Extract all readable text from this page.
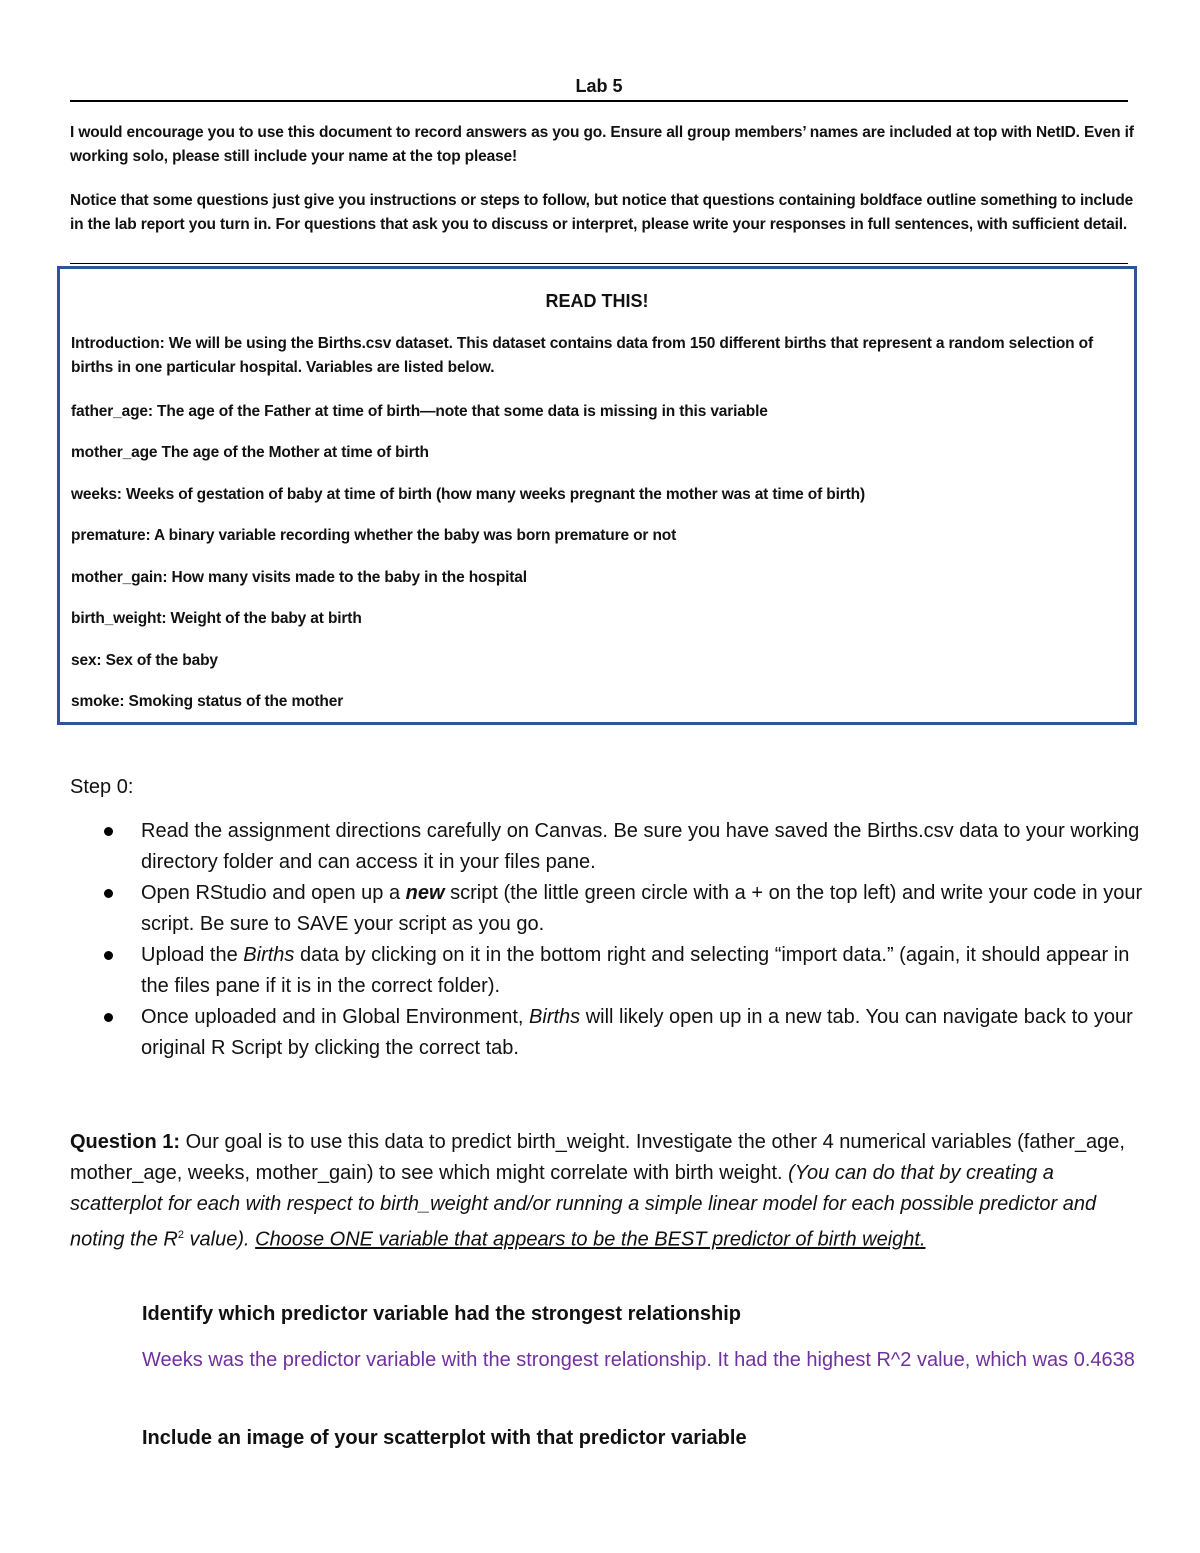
Lab 5
I would encourage you to use this document to record answers as you go. Ensure all group members’ names are included at top with NetID. Even if working solo, please still include your name at the top please!
Notice that some questions just give you instructions or steps to follow, but notice that questions containing boldface outline something to include in the lab report you turn in. For questions that ask you to discuss or interpret, please write your responses in full sentences, with sufficient detail.
READ THIS!
Introduction: We will be using the Births.csv dataset. This dataset contains data from 150 different births that represent a random selection of births in one particular hospital. Variables are listed below.
father_age: The age of the Father at time of birth—note that some data is missing in this variable
mother_age The age of the Mother at time of birth
weeks: Weeks of gestation of baby at time of birth (how many weeks pregnant the mother was at time of birth)
premature: A binary variable recording whether the baby was born premature or not
mother_gain: How many visits made to the baby in the hospital
birth_weight: Weight of the baby at birth
sex: Sex of the baby
smoke: Smoking status of the mother
Step 0:
Read the assignment directions carefully on Canvas. Be sure you have saved the Births.csv data to your working directory folder and can access it in your files pane.
Open RStudio and open up a new script (the little green circle with a + on the top left) and write your code in your script. Be sure to SAVE your script as you go.
Upload the Births data by clicking on it in the bottom right and selecting “import data.” (again, it should appear in the files pane if it is in the correct folder).
Once uploaded and in Global Environment, Births will likely open up in a new tab. You can navigate back to your original R Script by clicking the correct tab.
Question 1: Our goal is to use this data to predict birth_weight. Investigate the other 4 numerical variables (father_age, mother_age, weeks, mother_gain) to see which might correlate with birth weight. (You can do that by creating a scatterplot for each with respect to birth_weight and/or running a simple linear model for each possible predictor and noting the $R^2$ value). Choose ONE variable that appears to be the BEST predictor of birth weight.
Identify which predictor variable had the strongest relationship
Weeks was the predictor variable with the strongest relationship. It had the highest R^2 value, which was 0.4638
Include an image of your scatterplot with that predictor variable
